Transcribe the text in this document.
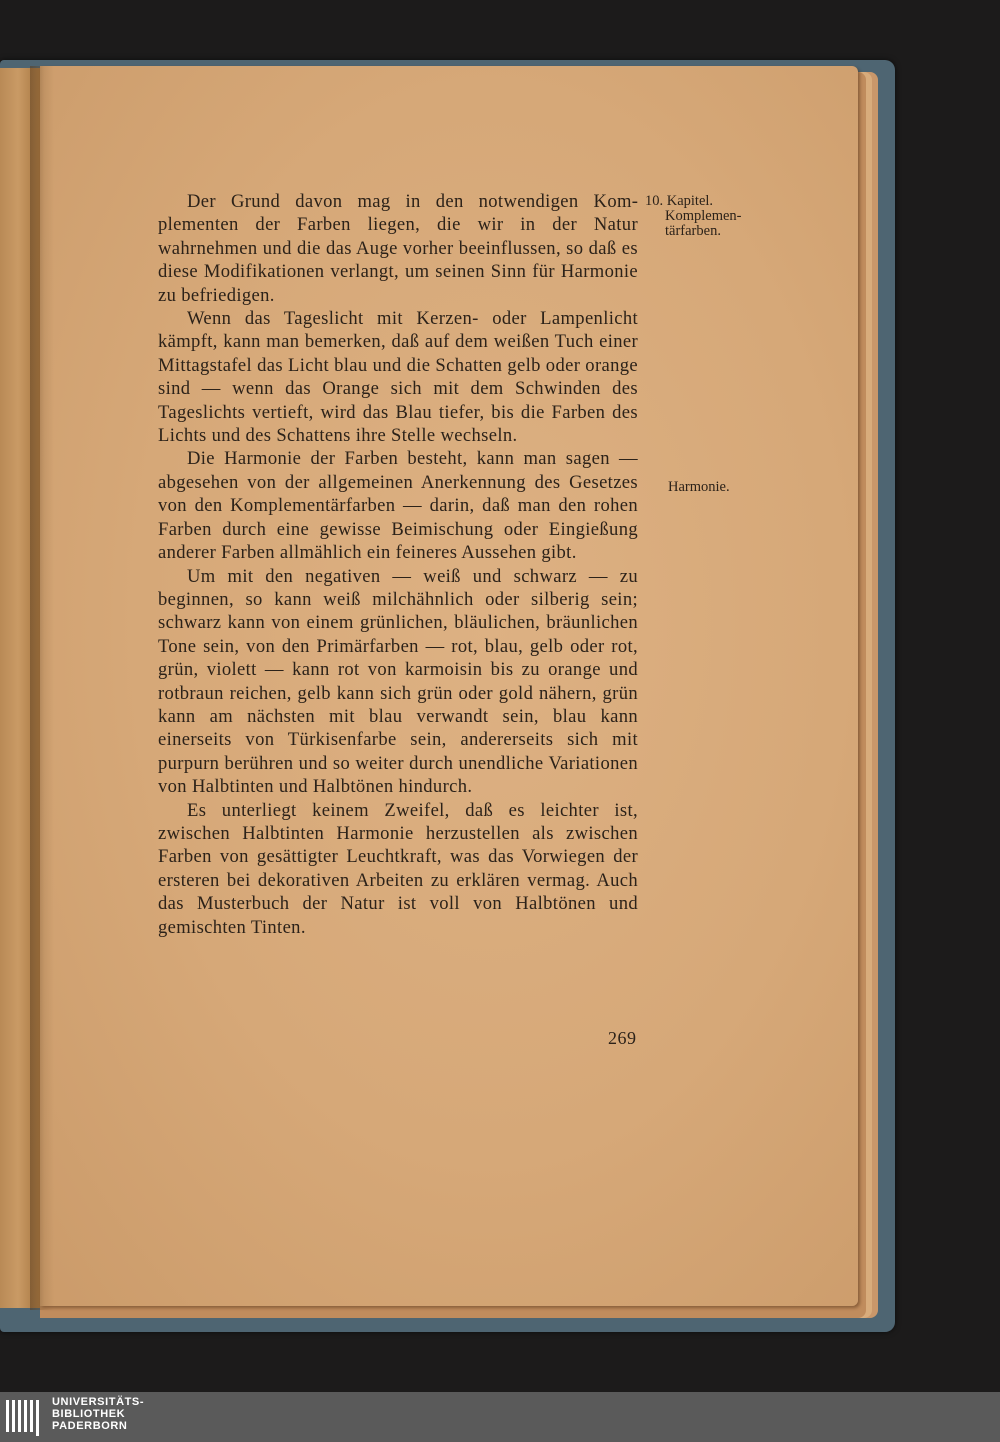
Der Grund davon mag in den notwendigen Komplementen der Farben liegen, die wir in der Natur wahrnehmen und die das Auge vorher beeinflussen, so daß es diese Modifikationen verlangt, um seinen Sinn für Harmonie zu befriedigen.

Wenn das Tageslicht mit Kerzen- oder Lampenlicht kämpft, kann man bemerken, daß auf dem weißen Tuch einer Mittagstafel das Licht blau und die Schatten gelb oder orange sind — wenn das Orange sich mit dem Schwinden des Tageslichts vertieft, wird das Blau tiefer, bis die Farben des Lichts und des Schattens ihre Stelle wechseln.

Die Harmonie der Farben besteht, kann man sagen — abgesehen von der allgemeinen Anerkennung des Gesetzes von den Komplementärfarben — darin, daß man den rohen Farben durch eine gewisse Beimischung oder Eingießung anderer Farben allmählich ein feineres Aussehen gibt.

Um mit den negativen — weiß und schwarz — zu beginnen, so kann weiß milchähnlich oder silberig sein; schwarz kann von einem grünlichen, bläulichen, bräunlichen Tone sein, von den Primärfarben — rot, blau, gelb oder rot, grün, violett — kann rot von karmoisin bis zu orange und rotbraun reichen, gelb kann sich grün oder gold nähern, grün kann am nächsten mit blau verwandt sein, blau kann einerseits von Türkisenfarbe sein, andererseits sich mit purpurn berühren und so weiter durch unendliche Variationen von Halbtinten und Halbtönen hindurch.

Es unterliegt keinem Zweifel, daß es leichter ist, zwischen Halbtinten Harmonie herzustellen als zwischen Farben von gesättigter Leuchtkraft, was das Vorwiegen der ersteren bei dekorativen Arbeiten zu erklären vermag. Auch das Musterbuch der Natur ist voll von Halbtönen und gemischten Tinten.

10. Kapitel.
Komplemen-
tärfarben.
Harmonie.
269
UNIVERSITÄTS-
BIBLIOTHEK
PADERBORN
